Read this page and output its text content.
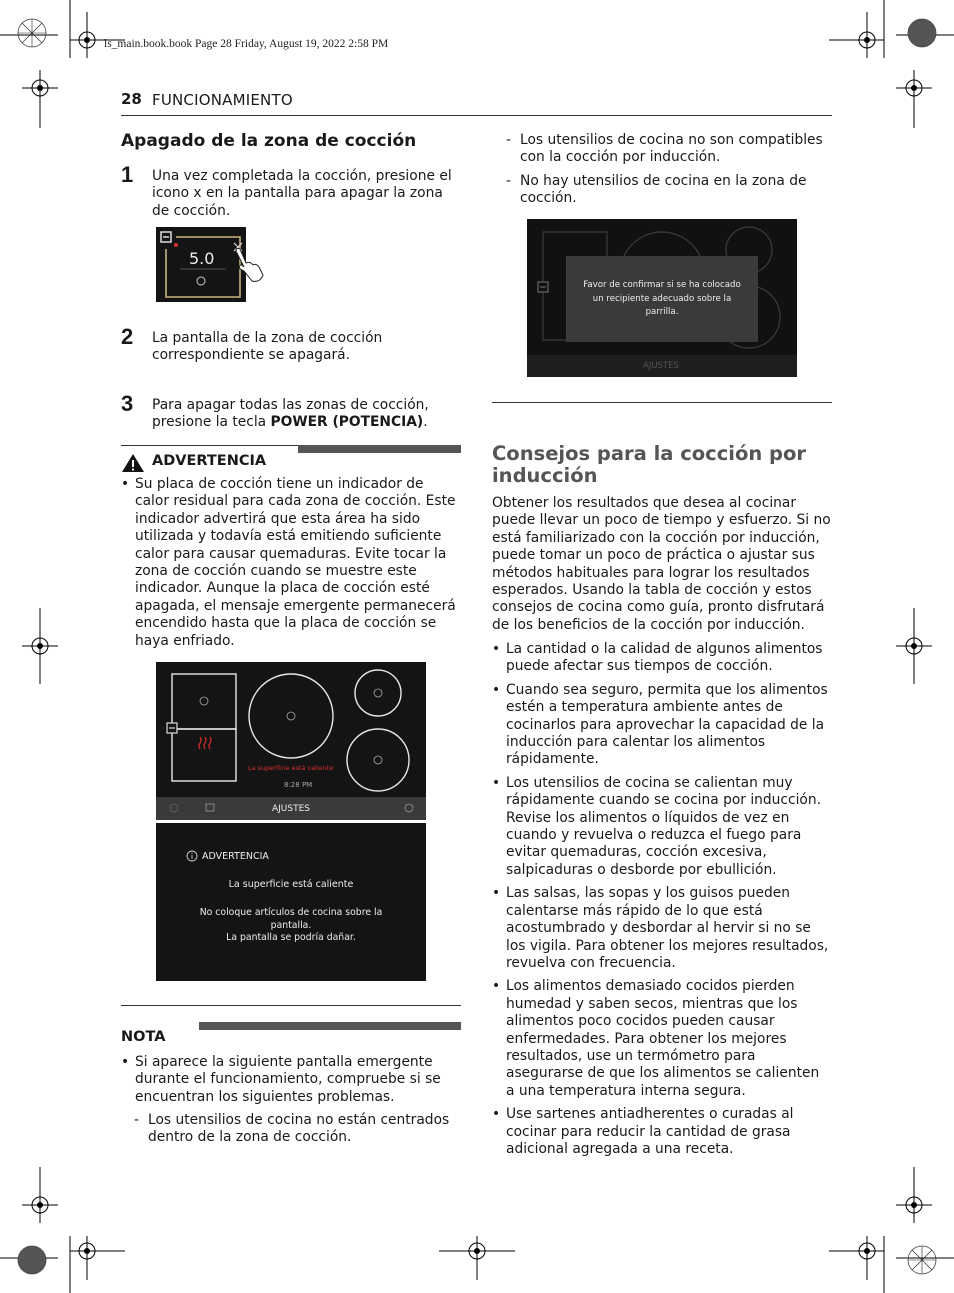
ls_main.book.book Page 28 Friday, August 19, 2022 2:58 PM
28 FUNCIONAMIENTO
Apagado de la zona de cocción
1 Una vez completada la cocción, presione el icono x en la pantalla para apagar la zona de cocción.
5.0
2 La pantalla de la zona de cocción correspondiente se apagará.
3 Para apagar todas las zonas de cocción, presione la tecla POWER (POTENCIA).
ADVERTENCIA
• Su placa de cocción tiene un indicador de calor residual para cada zona de cocción. Este indicador advertirá que esta área ha sido utilizada y todavía está emitiendo suficiente calor para causar quemaduras. Evite tocar la zona de cocción cuando se muestre este indicador. Aunque la placa de cocción esté apagada, el mensaje emergente permanecerá encendido hasta que la placa de cocción se haya enfriado.
La superficie está caliente
8:28 PM
AJUSTES
ADVERTENCIA
La superficie está caliente
No coloque artículos de cocina sobre la pantalla.
La pantalla se podría dañar.
NOTA
• Si aparece la siguiente pantalla emergente durante el funcionamiento, compruebe si se encuentran los siguientes problemas.
- Los utensilios de cocina no están centrados dentro de la zona de cocción.
- Los utensilios de cocina no son compatibles con la cocción por inducción.
- No hay utensilios de cocina en la zona de cocción.
Favor de confirmar si se ha colocado un recipiente adecuado sobre la parrilla.
AJUSTES
Consejos para la cocción por inducción
Obtener los resultados que desea al cocinar puede llevar un poco de tiempo y esfuerzo. Si no está familiarizado con la cocción por inducción, puede tomar un poco de práctica o ajustar sus métodos habituales para lograr los resultados esperados. Usando la tabla de cocción y estos consejos de cocina como guía, pronto disfrutará de los beneficios de la cocción por inducción.
• La cantidad o la calidad de algunos alimentos puede afectar sus tiempos de cocción.
• Cuando sea seguro, permita que los alimentos estén a temperatura ambiente antes de cocinarlos para aprovechar la capacidad de la inducción para calentar los alimentos rápidamente.
• Los utensilios de cocina se calientan muy rápidamente cuando se cocina por inducción. Revise los alimentos o líquidos de vez en cuando y revuelva o reduzca el fuego para evitar quemaduras, cocción excesiva, salpicaduras o desborde por ebullición.
• Las salsas, las sopas y los guisos pueden calentarse más rápido de lo que está acostumbrado y desbordar al hervir si no se los vigila. Para obtener los mejores resultados, revuelva con frecuencia.
• Los alimentos demasiado cocidos pierden humedad y saben secos, mientras que los alimentos poco cocidos pueden causar enfermedades. Para obtener los mejores resultados, use un termómetro para asegurarse de que los alimentos se calienten a una temperatura interna segura.
• Use sartenes antiadherentes o curadas al cocinar para reducir la cantidad de grasa adicional agregada a una receta.
